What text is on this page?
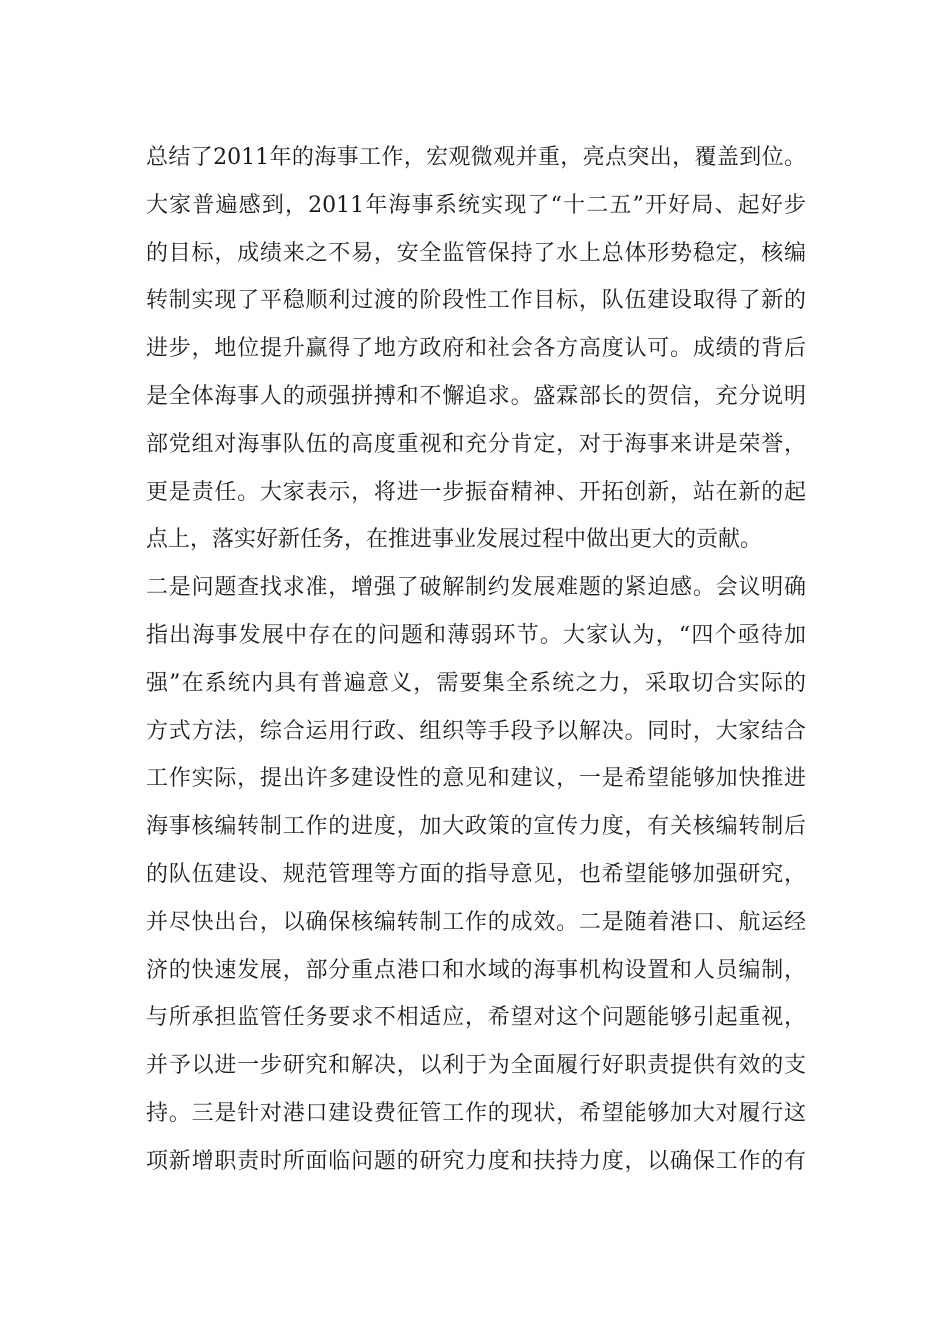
总结了2011年的海事工作，宏观微观并重，亮点突出，覆盖到位。
大家普遍感到，2011年海事系统实现了“十二五”开好局、起好步
的目标，成绩来之不易，安全监管保持了水上总体形势稳定，核编
转制实现了平稳顺利过渡的阶段性工作目标，队伍建设取得了新的
进步，地位提升赢得了地方政府和社会各方高度认可。成绩的背后
是全体海事人的顽强拼搏和不懈追求。盛霖部长的贺信，充分说明
部党组对海事队伍的高度重视和充分肯定，对于海事来讲是荣誉，
更是责任。大家表示，将进一步振奋精神、开拓创新，站在新的起
点上，落实好新任务，在推进事业发展过程中做出更大的贡献。
二是问题查找求准，增强了破解制约发展难题的紧迫感。会议明确
指出海事发展中存在的问题和薄弱环节。大家认为，“四个亟待加
强”在系统内具有普遍意义，需要集全系统之力，采取切合实际的
方式方法，综合运用行政、组织等手段予以解决。同时，大家结合
工作实际，提出许多建设性的意见和建议，一是希望能够加快推进
海事核编转制工作的进度，加大政策的宣传力度，有关核编转制后
的队伍建设、规范管理等方面的指导意见，也希望能够加强研究，
并尽快出台，以确保核编转制工作的成效。二是随着港口、航运经
济的快速发展，部分重点港口和水域的海事机构设置和人员编制，
与所承担监管任务要求不相适应，希望对这个问题能够引起重视，
并予以进一步研究和解决，以利于为全面履行好职责提供有效的支
持。三是针对港口建设费征管工作的现状，希望能够加大对履行这
项新增职责时所面临问题的研究力度和扶持力度，以确保工作的有
